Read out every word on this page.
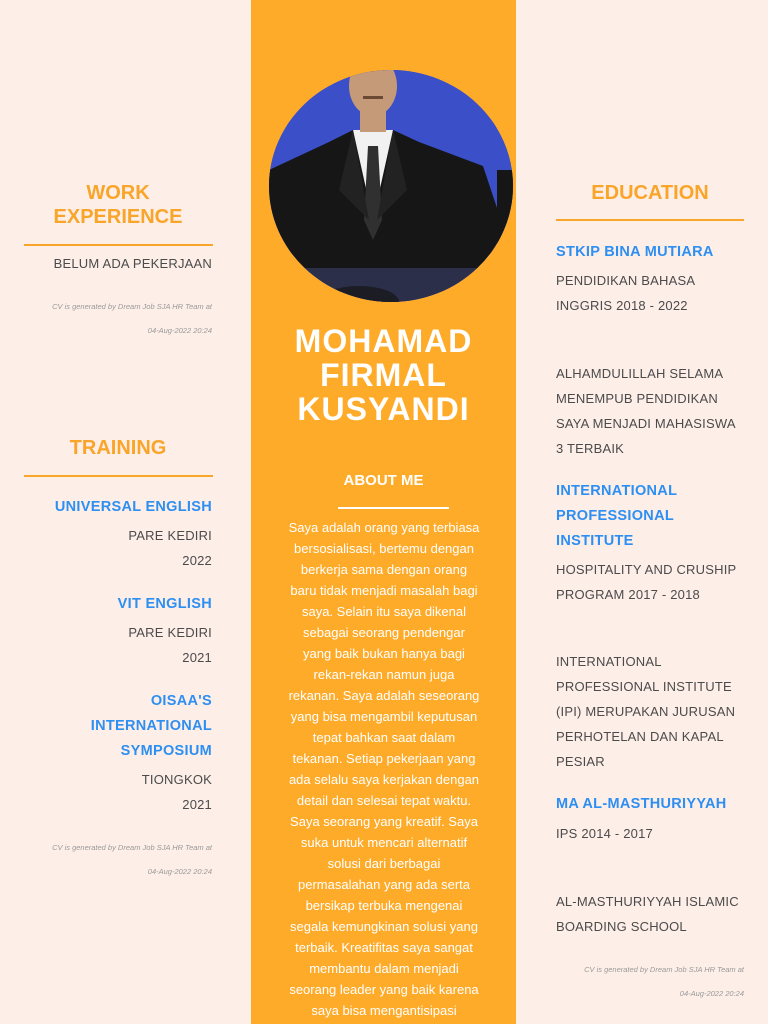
WORK
EXPERIENCE
BELUM ADA PEKERJAAN
CV is generated by Dream Job SJA HR Team at
04-Aug-2022 20:24
TRAINING
UNIVERSAL ENGLISH
PARE KEDIRI
2022
VIT ENGLISH
PARE KEDIRI
2021
OISAA'S
INTERNATIONAL
SYMPOSIUM
TIONGKOK
2021
CV is generated by Dream Job SJA HR Team at
04-Aug-2022 20:24
MOHAMAD
FIRMAL
KUSYANDI
ABOUT ME
Saya adalah orang yang terbiasa
bersosialisasi, bertemu dengan
berkerja sama dengan orang
baru tidak menjadi masalah bagi
saya. Selain itu saya dikenal
sebagai seorang pendengar
yang baik bukan hanya bagi
rekan-rekan namun juga
rekanan. Saya adalah seseorang
yang bisa mengambil keputusan
tepat bahkan saat dalam
tekanan. Setiap pekerjaan yang
ada selalu saya kerjakan dengan
detail dan selesai tepat waktu.
Saya seorang yang kreatif. Saya
suka untuk mencari alternatif
solusi dari berbagai
permasalahan yang ada serta
bersikap terbuka mengenai
segala kemungkinan solusi yang
terbaik. Kreatifitas saya sangat
membantu dalam menjadi
seorang leader yang baik karena
saya bisa mengantisipasi
EDUCATION
STKIP BINA MUTIARA
PENDIDIKAN BAHASA
INGGRIS 2018 - 2022
ALHAMDULILLAH SELAMA
MENEMPUB PENDIDIKAN
SAYA MENJADI MAHASISWA
3 TERBAIK
INTERNATIONAL
PROFESSIONAL
INSTITUTE
HOSPITALITY AND CRUSHIP
PROGRAM 2017 - 2018
INTERNATIONAL
PROFESSIONAL INSTITUTE
(IPI) MERUPAKAN JURUSAN
PERHOTELAN DAN KAPAL
PESIAR
MA AL-MASTHURIYYAH
IPS 2014 - 2017
AL-MASTHURIYYAH ISLAMIC
BOARDING SCHOOL
CV is generated by Dream Job SJA HR Team at
04-Aug-2022 20:24
